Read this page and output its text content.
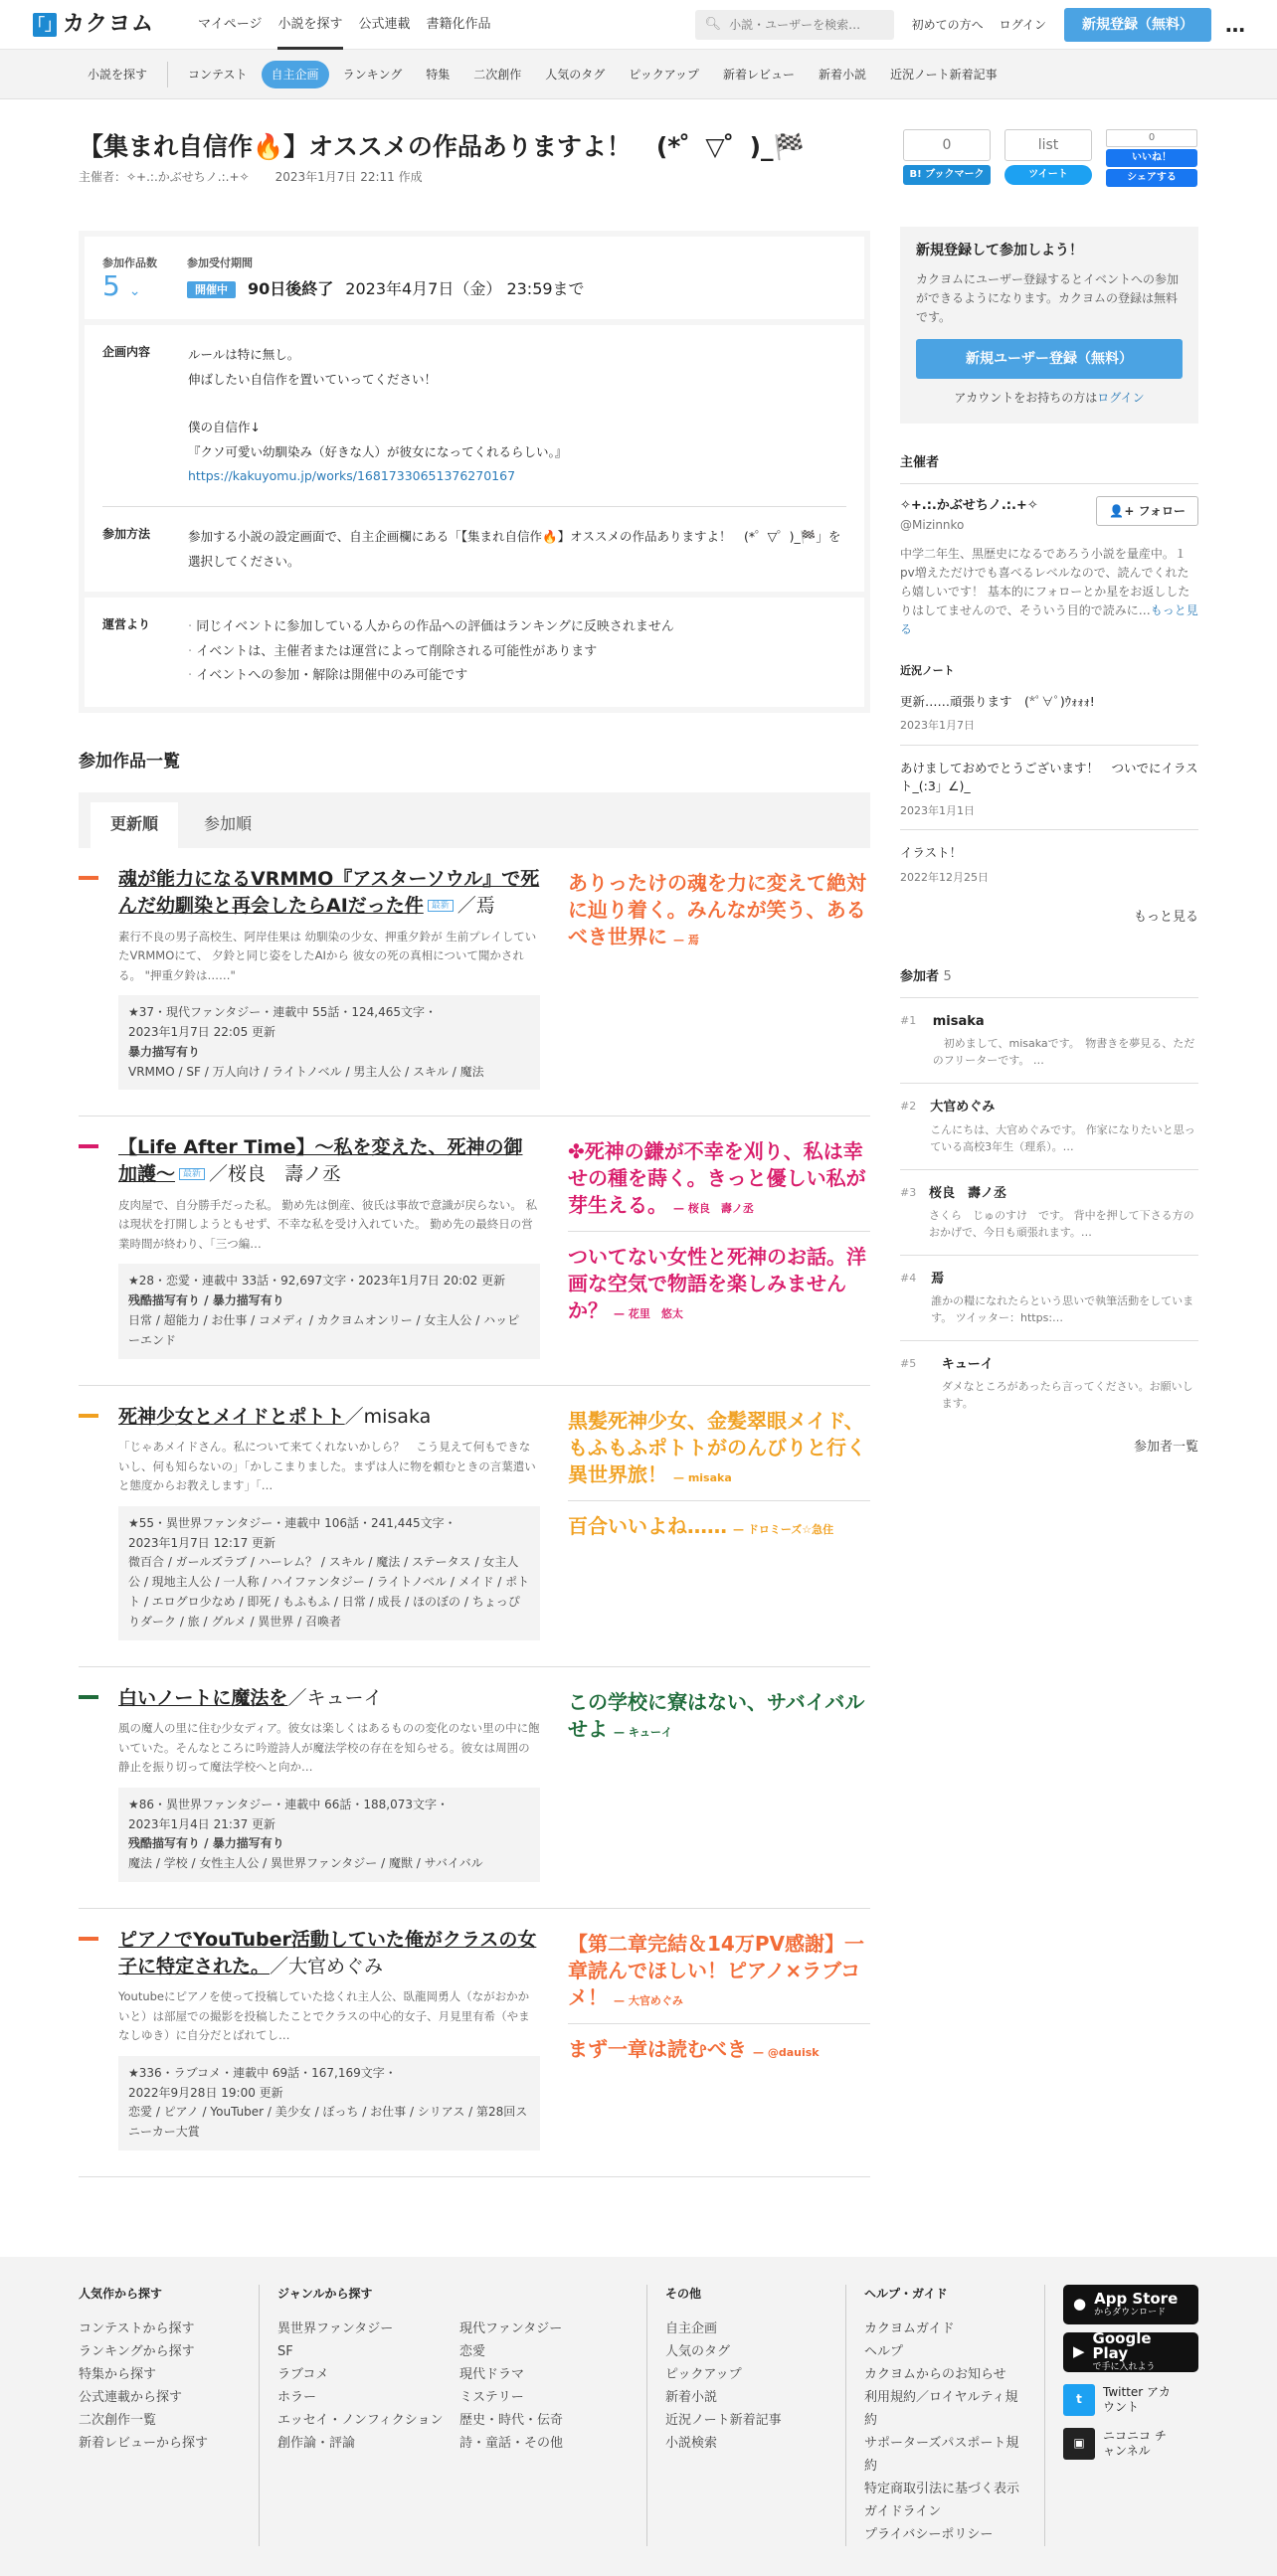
「」 カクヨム	マイページ 小説を探す 公式連載 書籍化作品	🔍︎
小説・ユーザーを検索…	初めての方へ ログイン	新規登録（無料）	…
小説を探す	コンテスト	自主企画	ランキング	特集	二次創作	人気のタグ	ピックアップ	新着レビュー	新着小説	近況ノート新着記事
0
B! ブックマーク
list
ツイート
0
いいね！
シェアする
【集まれ自信作🔥】オススメの作品ありますよ！　(*゜▽゜)_🏁
主催者：✧+.:.かぶせちノ.:.+✧ 2023年1月7日 22:11 作成
参加作品数
5 ⌄
参加受付期間
開催中 90日後終了 2023年4月7日（金） 23:59まで
企画内容	ルールは特に無し。
伸ばしたい自信作を置いていってください！
僕の自信作↓
『クソ可愛い幼馴染み（好きな人）が彼女になってくれるらしい。』
https://kakuyomu.jp/works/16817330651376270167
参加方法	参加する小説の設定画面で、自主企画欄にある「【集まれ自信作🔥】オススメの作品ありますよ！　(*゜▽゜)_🏁」を選択してください。
運営より
·	同じイベントに参加している人からの作品への評価はランキングに反映されません
· イベントは、主催者または運営によって削除される可能性があります
· イベントへの参加・解除は開催中のみ可能です
参加作品一覧
更新順	参加順
魂が能力になるVRMMO『アスターソウル』で死んだ幼馴染と再会したらAIだった件 最新 ／焉
素行不良の男子高校生、阿岸佳果は 幼馴染の少女、押重夕鈴が 生前プレイしていたVRMMOにて、 夕鈴と同じ姿をしたAIから 彼女の死の真相について聞かされる。 "押重夕鈴は……"
★37・現代ファンタジー・連載中 55話・124,465文字・
2023年1月7日 22:05 更新
暴力描写有り
VRMMO / SF / 万人向け / ライトノベル / 男主人公 / スキル / 魔法
ありったけの魂を力に変えて絶対に辿り着く。みんなが笑う、あるべき世界に — 焉
【Life After Time】〜私を変えた、死神の御加護〜 最新 ／桜良　壽ノ丞
皮肉屋で、自分勝手だった私。 勤め先は倒産、彼氏は事故で意識が戻らない。 私は現状を打開しようともせず、不幸な私を受け入れていた。 勤め先の最終日の営業時間が終わり、「三つ編…
★28・恋愛・連載中 33話・92,697文字・2023年1月7日 20:02 更新
残酷描写有り / 暴力描写有り
日常 / 超能力 / お仕事 / コメディ / カクヨムオンリー / 女主人公 / ハッピーエンド
✤死神の鎌が不幸を刈り、私は幸せの種を蒔く。きっと優しい私が芽生える。 — 桜良　壽ノ丞
ついてない女性と死神のお話。洋画な空気で物語を楽しみませんか？ — 花里　悠太
死神少女とメイドとポトト／misaka
「じゃあメイドさん。私について来てくれないかしら？　こう見えて何もできないし、何も知らないの」「かしこまりました。まずは人に物を頼むときの言葉遣いと態度からお教えします」「…
★55・異世界ファンタジー・連載中 106話・241,445文字・
2023年1月7日 12:17 更新
微百合 / ガールズラブ / ハーレム？ / スキル / 魔法 / ステータス / 女主人公 / 現地主人公 / 一人称 / ハイファンタジー / ライトノベル / メイド / ポトト / エログロ少なめ / 即死 / もふもふ / 日常 / 成長 / ほのぼの / ちょっぴりダーク / 旅 / グルメ / 異世界 / 召喚者
黒髪死神少女、金髪翠眼メイド、もふもふポトトがのんびりと行く異世界旅！ — misaka
百合いいよね…… — ドロミーズ☆急住
白いノートに魔法を／キューイ
風の魔人の里に住む少女ディア。彼女は楽しくはあるものの変化のない里の中に飽いていた。そんなところに吟遊詩人が魔法学校の存在を知らせる。彼女は周囲の静止を振り切って魔法学校へと向か…
★86・異世界ファンタジー・連載中 66話・188,073文字・
2023年1月4日 21:37 更新
残酷描写有り / 暴力描写有り
魔法 / 学校 / 女性主人公 / 異世界ファンタジー / 魔獣 / サバイバル
この学校に寮はない、サバイバルせよ — キューイ
ピアノでYouTuber活動していた俺がクラスの女子に特定された。／大官めぐみ
Youtubeにピアノを使って投稿していた捻くれ主人公、臥龍岡勇人（ながおかかいと）は部屋での撮影を投稿したことでクラスの中心的女子、月見里有希（やまなしゆき）に自分だとばれてし…
★336・ラブコメ・連載中 69話・167,169文字・
2022年9月28日 19:00 更新
恋愛 / ピアノ / YouTuber / 美少女 / ぼっち / お仕事 / シリアス / 第28回スニーカー大賞
【第二章完結＆14万PV感謝】一章読んでほしい！ピアノ×ラブコメ！ — 大官めぐみ
まず一章は読むべき — @dauisk
新規登録して参加しよう！

カクヨムにユーザー登録するとイベントへの参加ができるようになります。カクヨムの登録は無料です。

新規ユーザー登録（無料）
アカウントをお持ちの方はログイン
主催者
✧+.:.かぶせちノ.:.+✧
@Mizinnko
👤+ フォロー
中学二年生、黒歴史になるであろう小説を量産中。１pv増えただけでも喜べるレベルなので、読んでくれたら嬉しいです！ 基本的にフォローとか星をお返ししたりはしてませんので、そういう目的で読みに…もっと見る
近況ノート
更新……頑張ります　(*ﾟ∀ﾟ)ｳｫｫｫ!
2023年1月7日
あけましておめでとうございます！　ついでにイラスト_(:3」∠)_
2023年1月1日
イラスト！
2022年12月25日
もっと見る
参加者 5
#1	misaka
　初めまして、misakaです。　物書きを夢見る、ただのフリーターです。 …
#2	大官めぐみ
こんにちは、大官めぐみです。 作家になりたいと思っている高校3年生（理系）。…
#3 桜良　壽ノ丞
さくら　じゅのすけ　です。 背中を押して下さる方のおかげで、今日も頑張れます。…
#4	焉
誰かの糧になれたらという思いで執筆活動をしています。 ツイッター：https:…
#5	キューイ
ダメなところがあったら言ってください。お願いします。
参加者一覧
人気作から探す
コンテストから探す
ランキングから探す
特集から探す
公式連載から探す
二次創作一覧
新着レビューから探す
ジャンルから探す
異世界ファンタジー	現代ファンタジー
SF	恋愛
ラブコメ	現代ドラマ
ホラー	ミステリー
エッセイ・ノンフィクション	歴史・時代・伝奇
創作論・評論	詩・童話・その他
その他
自主企画
人気のタグ
ピックアップ
新着小説
近況ノート新着記事
小説検索
ヘルプ・ガイド
カクヨムガイド
ヘルプ
カクヨムからのお知らせ
利用規約／ロイヤルティ規約
サポーターズパスポート規約
特定商取引法に基づく表示
ガイドライン
プライバシーポリシー
● App Store
からダウンロード
▶
Google Play
で手に入れよう
t
Twitter アカウント
▣
ニコニコ チャンネル
